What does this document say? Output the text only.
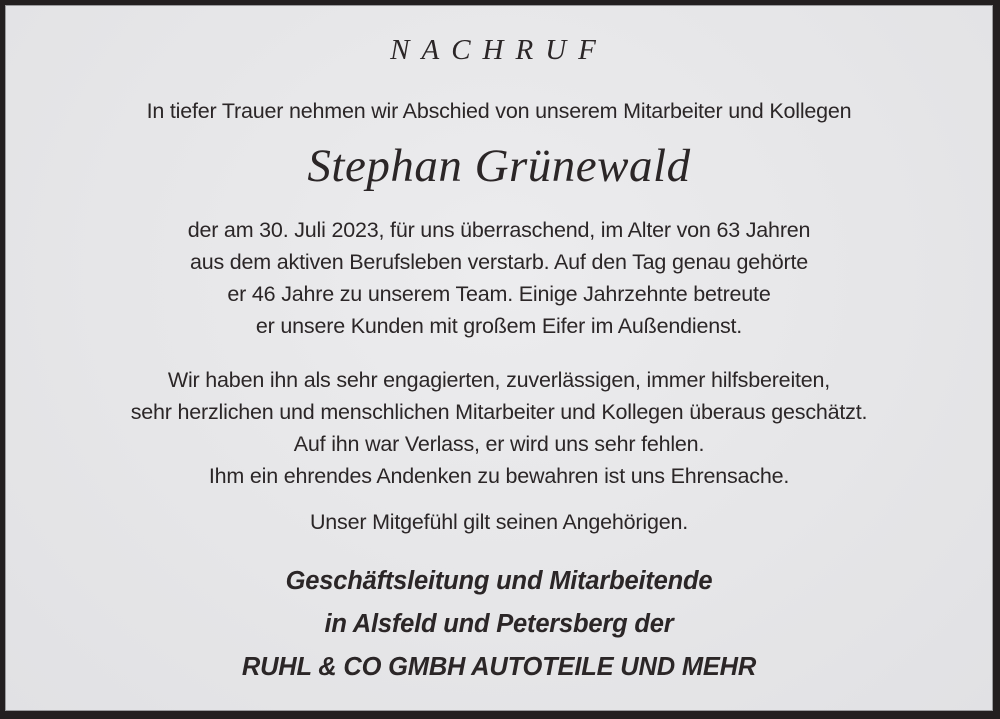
NACHRUF
In tiefer Trauer nehmen wir Abschied von unserem Mitarbeiter und Kollegen
Stephan Grünewald
der am 30. Juli 2023, für uns überraschend, im Alter von 63 Jahren
aus dem aktiven Berufsleben verstarb. Auf den Tag genau gehörte
er 46 Jahre zu unserem Team. Einige Jahrzehnte betreute
er unsere Kunden mit großem Eifer im Außendienst.
Wir haben ihn als sehr engagierten, zuverlässigen, immer hilfsbereiten,
sehr herzlichen und menschlichen Mitarbeiter und Kollegen überaus geschätzt.
Auf ihn war Verlass, er wird uns sehr fehlen.
Ihm ein ehrendes Andenken zu bewahren ist uns Ehrensache.
Unser Mitgefühl gilt seinen Angehörigen.
Geschäftsleitung und Mitarbeitende
in Alsfeld und Petersberg der
RUHL & CO GMBH AUTOTEILE UND MEHR
